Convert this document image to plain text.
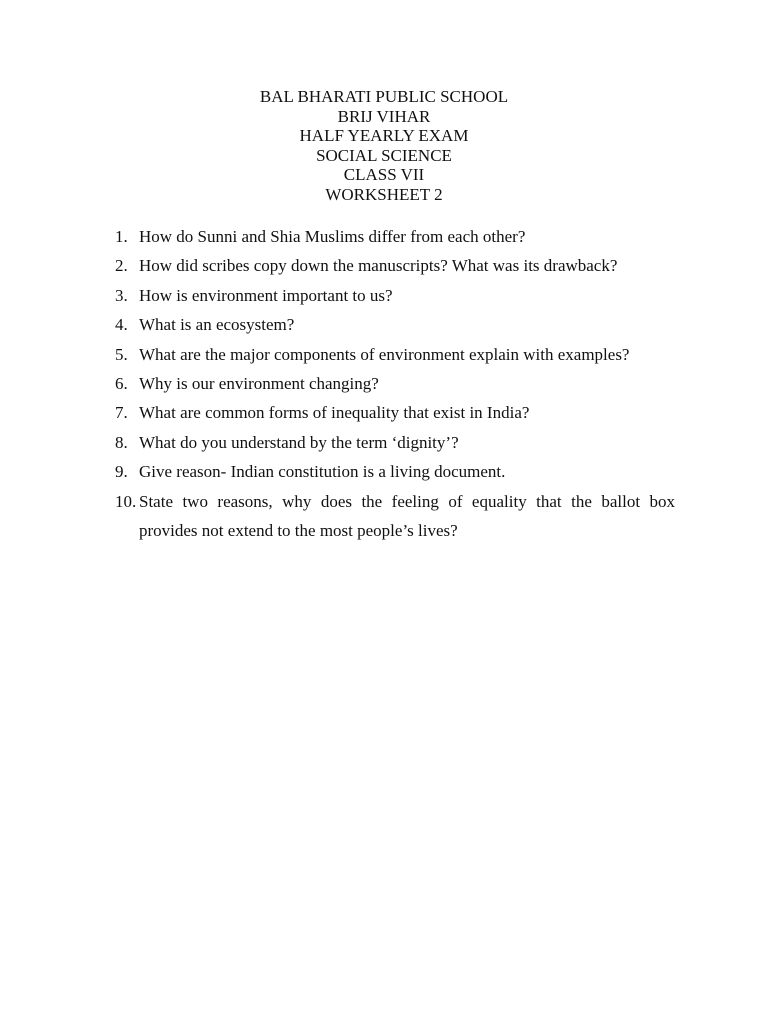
BAL BHARATI PUBLIC SCHOOL
BRIJ VIHAR
HALF YEARLY EXAM
SOCIAL SCIENCE
CLASS VII
WORKSHEET 2
1. How do Sunni and Shia Muslims differ from each other?
2. How did scribes copy down the manuscripts? What was its drawback?
3. How is environment important to us?
4. What is an ecosystem?
5. What are the major components of environment explain with examples?
6. Why is our environment changing?
7. What are common forms of inequality that exist in India?
8. What do you understand by the term ‘dignity’?
9. Give reason- Indian constitution is a living document.
10. State two reasons, why does the feeling of equality that the ballot box provides not extend to the most people’s lives?
